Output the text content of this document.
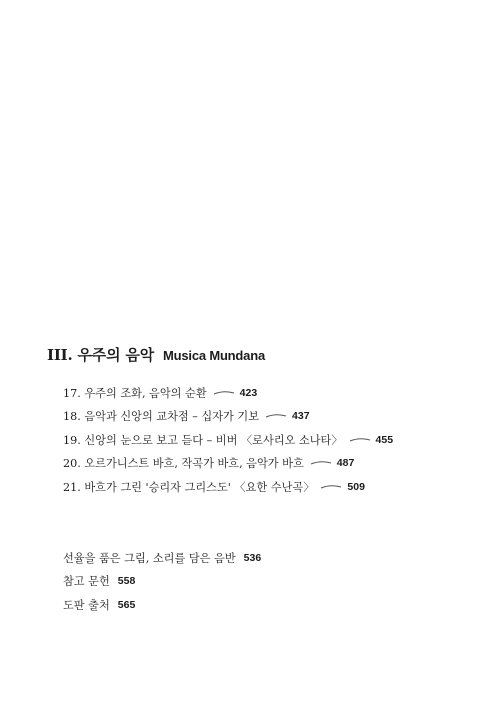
III. 우주의 음악 Musica Mundana
17. 우주의 조화, 음악의 순환	423
18. 음악과 신앙의 교차점 – 십자가 기보	437
19. 신앙의 눈으로 보고 듣다 – 비버 〈로사리오 소나타〉	455
20. 오르가니스트 바흐, 작곡가 바흐, 음악가 바흐	487
21. 바흐가 그린 '승리자 그리스도' 〈요한 수난곡〉	509
선율을 품은 그림, 소리를 담은 음반 536
참고 문헌 558
도판 출처 565
